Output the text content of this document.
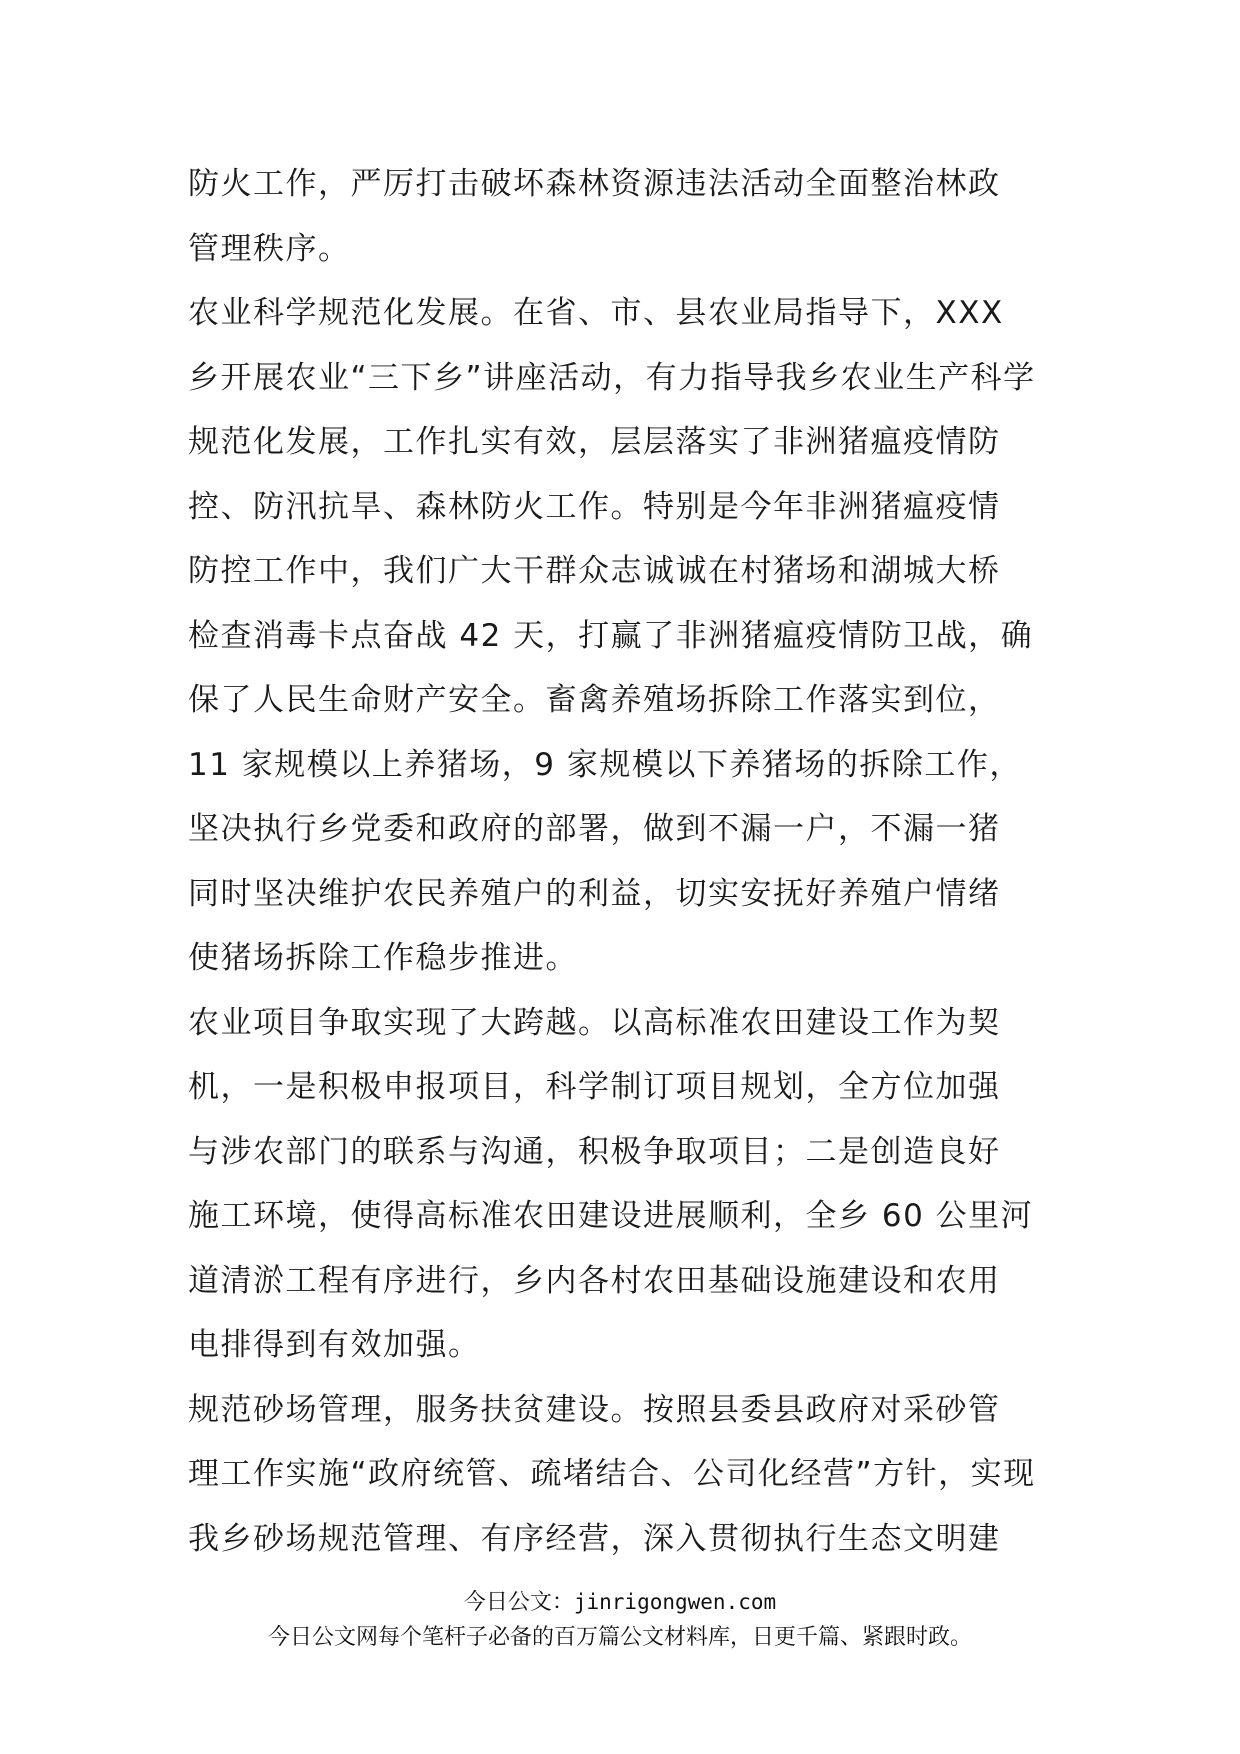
防火工作，严厉打击破坏森林资源违法活动全面整治林政
管理秩序。
农业科学规范化发展。在省、市、县农业局指导下，XXX
乡开展农业“三下乡”讲座活动，有力指导我乡农业生产科学
规范化发展，工作扎实有效，层层落实了非洲猪瘟疫情防
控、防汛抗旱、森林防火工作。特别是今年非洲猪瘟疫情
防控工作中，我们广大干群众志诚诚在村猪场和湖城大桥
检查消毒卡点奋战 42 天，打赢了非洲猪瘟疫情防卫战，确
保了人民生命财产安全。畜禽养殖场拆除工作落实到位，
11 家规模以上养猪场，9 家规模以下养猪场的拆除工作，
坚决执行乡党委和政府的部署，做到不漏一户，不漏一猪
同时坚决维护农民养殖户的利益，切实安抚好养殖户情绪
使猪场拆除工作稳步推进。
农业项目争取实现了大跨越。以高标准农田建设工作为契
机，一是积极申报项目，科学制订项目规划，全方位加强
与涉农部门的联系与沟通，积极争取项目；二是创造良好
施工环境，使得高标准农田建设进展顺利，全乡 60 公里河
道清淤工程有序进行，乡内各村农田基础设施建设和农用
电排得到有效加强。
规范砂场管理，服务扶贫建设。按照县委县政府对采砂管
理工作实施“政府统管、疏堵结合、公司化经营”方针，实现
我乡砂场规范管理、有序经营，深入贯彻执行生态文明建
今日公文：jinrigongwen.com
今日公文网每个笔杆子必备的百万篇公文材料库，日更千篇、紧跟时政。
